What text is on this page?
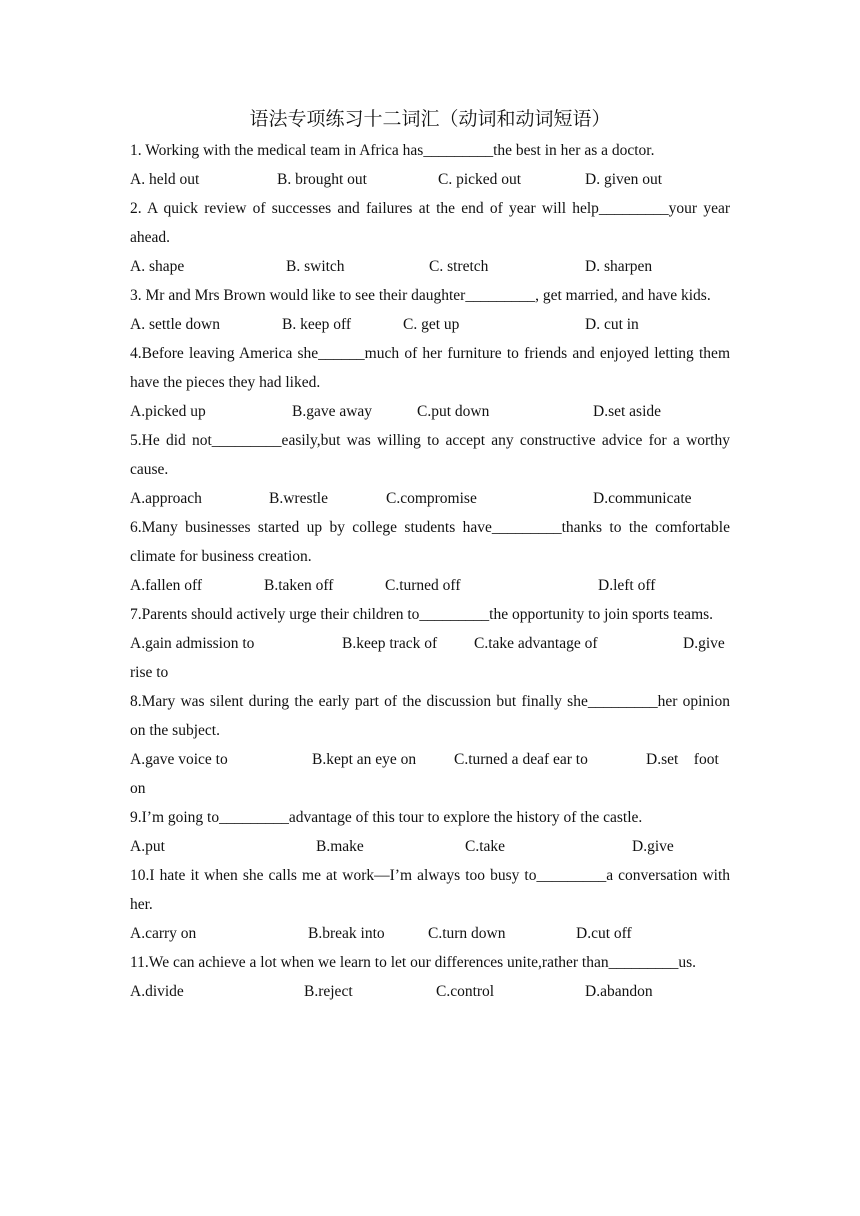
语法专项练习十二词汇（动词和动词短语）

1. Working with the medical team in Africa has_________the best in her as a doctor.

A. held out	B. brought out	C. picked out	D. given out

2. A quick review of successes and failures at the end of year will help_________your year ahead.

A. shape	B. switch	C. stretch	D. sharpen

3. Mr and Mrs Brown would like to see their daughter_________, get married, and have kids.

A. settle down	B. keep off	C. get up	D. cut in

4.Before leaving America she______much of her furniture to friends and enjoyed letting them have the pieces they had liked.

A.picked up	B.gave away	C.put down	D.set aside

5.He did not_________easily,but was willing to accept any constructive advice for a worthy cause.

A.approach	B.wrestle	C.compromise	D.communicate

6.Many businesses started up by college students have_________thanks to the comfortable climate for business creation.

A.fallen off	B.taken off	C.turned off	D.left off

7.Parents should actively urge their children to_________the opportunity to join sports teams.

A.gain admission to	B.keep track of C.take advantage of	D.give
rise to

8.Mary was silent during the early part of the discussion but finally she_________her opinion on the subject.

A.gave voice to	B.kept an eye on C.turned a deaf ear to	D.set    foot
on

9.I’m going to_________advantage of this tour to explore the history of the castle.

A.put	B.make	C.take	D.give

10.I hate it when she calls me at work—I’m always too busy to_________a conversation with her.

A.carry on	B.break into	C.turn down	D.cut off

11.We can achieve a lot when we learn to let our differences unite,rather than_________us.

A.divide	B.reject	C.control	D.abandon
